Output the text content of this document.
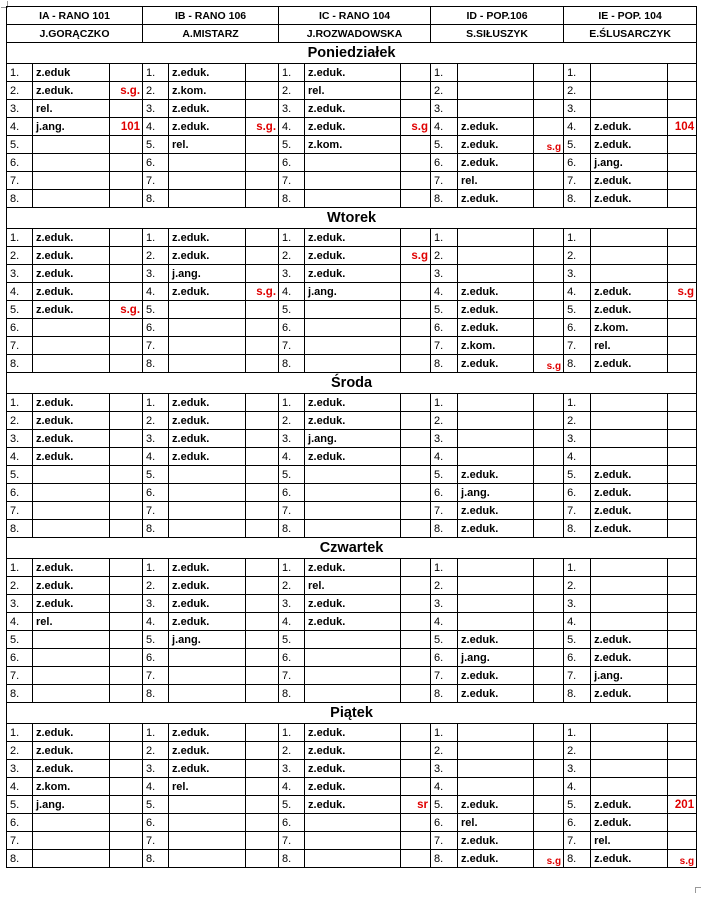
IA - RANO 101			IB - RANO 106			IC - RANO 104			ID - POP.106			IE - POP. 104		
J.GORĄCZKO			A.MISTARZ			J.ROZWADOWSKA			S.SIŁUSZYK			E.ŚLUSARCZYK		
Poniedziałek														
1.	z.eduk		1.	z.eduk.		1.	z.eduk.		1.			1.		
2.	z.eduk.	s.g.	2.	z.kom.		2.	rel.		2.			2.		
3.	rel.		3.	z.eduk.		3.	z.eduk.		3.			3.		
4.	j.ang.	101	4.	z.eduk.	s.g.	4.	z.eduk.	s.g	4.	z.eduk.		4.	z.eduk.	104
5.			5.	rel.		5.	z.kom.		5.	z.eduk.	s.g	5.	z.eduk.	
6.			6.			6.			6.	z.eduk.		6.	j.ang.	
7.			7.			7.			7.	rel.		7.	z.eduk.	
8.			8.			8.			8.	z.eduk.		8.	z.eduk.	
Wtorek														
1.	z.eduk.		1.	z.eduk.		1.	z.eduk.		1.			1.		
2.	z.eduk.		2.	z.eduk.		2.	z.eduk.	s.g	2.			2.		
3.	z.eduk.		3.	j.ang.		3.	z.eduk.		3.			3.		
4.	z.eduk.		4.	z.eduk.	s.g.	4.	j.ang.		4.	z.eduk.		4.	z.eduk.	s.g
5.	z.eduk.	s.g.	5.			5.			5.	z.eduk.		5.	z.eduk.	
6.			6.			6.			6.	z.eduk.		6.	z.kom.	
7.			7.			7.			7.	z.kom.		7.	rel.	
8.			8.			8.			8.	z.eduk.	s.g	8.	z.eduk.	
Środa														
1.	z.eduk.		1.	z.eduk.		1.	z.eduk.		1.			1.		
2.	z.eduk.		2.	z.eduk.		2.	z.eduk.		2.			2.		
3.	z.eduk.		3.	z.eduk.		3.	j.ang.		3.			3.		
4.	z.eduk.		4.	z.eduk.		4.	z.eduk.		4.			4.		
5.			5.			5.			5.	z.eduk.		5.	z.eduk.	
6.			6.			6.			6.	j.ang.		6.	z.eduk.	
7.			7.			7.			7.	z.eduk.		7.	z.eduk.	
8.			8.			8.			8.	z.eduk.		8.	z.eduk.	
Czwartek														
1.	z.eduk.		1.	z.eduk.		1.	z.eduk.		1.			1.		
2.	z.eduk.		2.	z.eduk.		2.	rel.		2.			2.		
3.	z.eduk.		3.	z.eduk.		3.	z.eduk.		3.			3.		
4.	rel.		4.	z.eduk.		4.	z.eduk.		4.			4.		
5.			5.	j.ang.		5.			5.	z.eduk.		5.	z.eduk.	
6.			6.			6.			6.	j.ang.		6.	z.eduk.	
7.			7.			7.			7.	z.eduk.		7.	j.ang.	
8.			8.			8.			8.	z.eduk.		8.	z.eduk.	
Piątek														
1.	z.eduk.		1.	z.eduk.		1.	z.eduk.		1.			1.		
2.	z.eduk.		2.	z.eduk.		2.	z.eduk.		2.			2.		
3.	z.eduk.		3.	z.eduk.		3.	z.eduk.		3.			3.		
4.	z.kom.		4.	rel.		4.	z.eduk.		4.			4.		
5.	j.ang.		5.			5.	z.eduk.	sr	5.	z.eduk.		5.	z.eduk.	201
6.			6.			6.			6.	rel.		6.	z.eduk.	
7.			7.			7.			7.	z.eduk.		7.	rel.	
8.			8.			8.			8.	z.eduk.	s.g	8.	z.eduk.	s.g
